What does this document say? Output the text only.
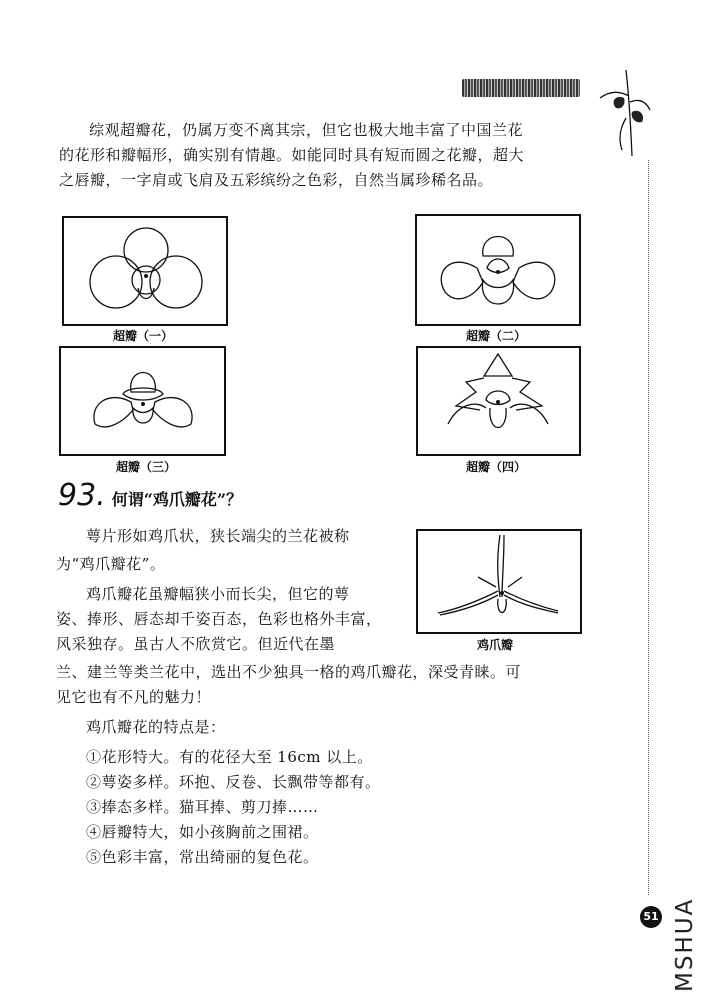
综观超瓣花，仍属万变不离其宗，但它也极大地丰富了中国兰花

的花形和瓣幅形，确实别有情趣。如能同时具有短而圆之花瓣，超大

之唇瓣，一字肩或飞肩及五彩缤纷之色彩，自然当属珍稀名品。

超瓣（一）	超瓣（二）
超瓣（三）	超瓣（四）
93. 何谓“鸡爪瓣花”？
鸡爪瓣

萼片形如鸡爪状，狭长端尖的兰花被称

为“鸡爪瓣花”。

鸡爪瓣花虽瓣幅狭小而长尖，但它的萼

姿、捧形、唇态却千姿百态，色彩也格外丰富，

风采独存。虽古人不欣赏它。但近代在墨

兰、建兰等类兰花中，选出不少独具一格的鸡爪瓣花，深受青睐。可

见它也有不凡的魅力！

鸡爪瓣花的特点是：

①花形特大。有的花径大至 16cm 以上。

②萼姿多样。环抱、反卷、长飘带等都有。

③捧态多样。猫耳捧、剪刀捧……

④唇瓣特大，如小孩胸前之围裙。

⑤色彩丰富，常出绮丽的复色花。

51 MSHUA
